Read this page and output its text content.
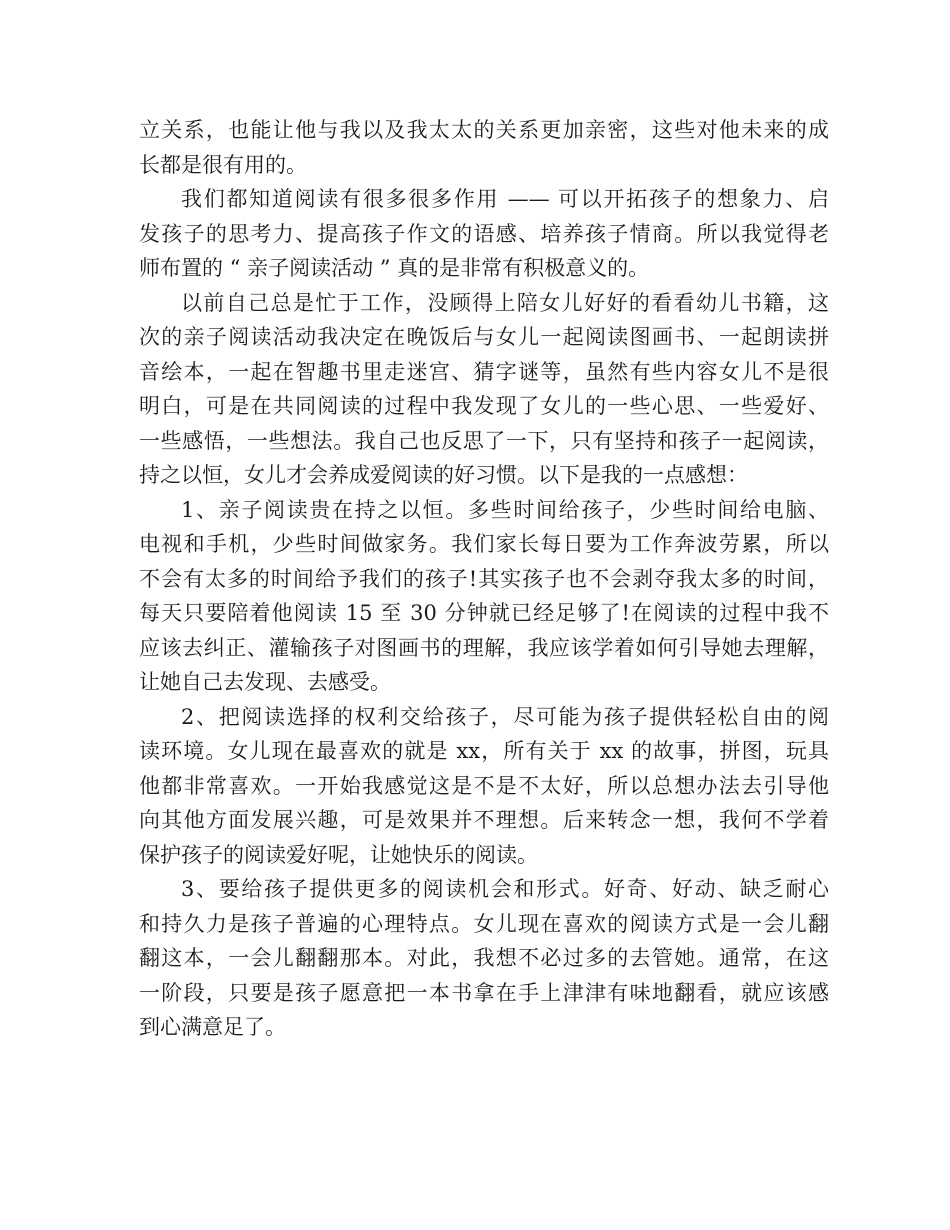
立关系，也能让他与我以及我太太的关系更加亲密，这些对他未来的成
长都是很有用的。
我们都知道阅读有很多很多作用 —— 可以开拓孩子的想象力、启
发孩子的思考力、提高孩子作文的语感、培养孩子情商。所以我觉得老
师布置的 “ 亲子阅读活动 ” 真的是非常有积极意义的。
以前自己总是忙于工作，没顾得上陪女儿好好的看看幼儿书籍，这
次的亲子阅读活动我决定在晚饭后与女儿一起阅读图画书、一起朗读拼
音绘本，一起在智趣书里走迷宫、猜字谜等，虽然有些内容女儿不是很
明白，可是在共同阅读的过程中我发现了女儿的一些心思、一些爱好、
一些感悟，一些想法。我自己也反思了一下，只有坚持和孩子一起阅读，
持之以恒，女儿才会养成爱阅读的好习惯。以下是我的一点感想：
1、亲子阅读贵在持之以恒。多些时间给孩子，少些时间给电脑、
电视和手机，少些时间做家务。我们家长每日要为工作奔波劳累，所以
不会有太多的时间给予我们的孩子!其实孩子也不会剥夺我太多的时间，
每天只要陪着他阅读 15 至 30 分钟就已经足够了!在阅读的过程中我不
应该去纠正、灌输孩子对图画书的理解，我应该学着如何引导她去理解，
让她自己去发现、去感受。
2、把阅读选择的权利交给孩子，尽可能为孩子提供轻松自由的阅
读环境。女儿现在最喜欢的就是 xx，所有关于 xx 的故事，拼图，玩具
他都非常喜欢。一开始我感觉这是不是不太好，所以总想办法去引导他
向其他方面发展兴趣，可是效果并不理想。后来转念一想，我何不学着
保护孩子的阅读爱好呢，让她快乐的阅读。
3、要给孩子提供更多的阅读机会和形式。好奇、好动、缺乏耐心
和持久力是孩子普遍的心理特点。女儿现在喜欢的阅读方式是一会儿翻
翻这本，一会儿翻翻那本。对此，我想不必过多的去管她。通常，在这
一阶段，只要是孩子愿意把一本书拿在手上津津有味地翻看，就应该感
到心满意足了。
